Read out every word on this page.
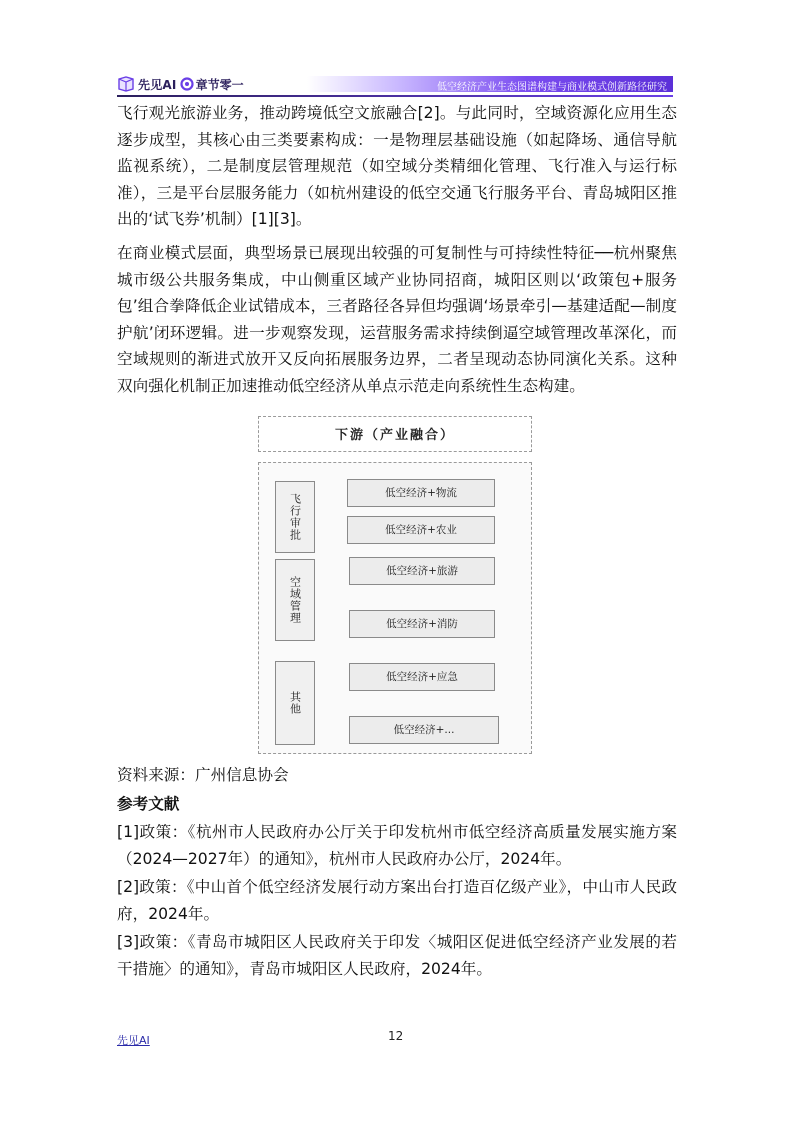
先见AI 章节零一	低空经济产业生态图谱构建与商业模式创新路径研究

飞行观光旅游业务，推动跨境低空文旅融合[2]。与此同时，空域资源化应用生态逐步成型，其核心由三类要素构成：一是物理层基础设施（如起降场、通信导航监视系统），二是制度层管理规范（如空域分类精细化管理、飞行准入与运行标准），三是平台层服务能力（如杭州建设的低空交通飞行服务平台、青岛城阳区推出的‘试飞券’机制）[1][3]。

在商业模式层面，典型场景已展现出较强的可复制性与可持续性特征──杭州聚焦城市级公共服务集成，中山侧重区域产业协同招商，城阳区则以‘政策包+服务包’组合拳降低企业试错成本，三者路径各异但均强调‘场景牵引—基建适配—制度护航’闭环逻辑。进一步观察发现，运营服务需求持续倒逼空域管理改革深化，而空域规则的渐进式放开又反向拓展服务边界，二者呈现动态协同演化关系。这种双向强化机制正加速推动低空经济从单点示范走向系统性生态构建。

下游（产业融合）
飞行审批
空域管理
其他
低空经济+物流
低空经济+农业
低空经济+旅游
低空经济+消防
低空经济+应急
低空经济+...
资料来源：广州信息协会
参考文献

[1]政策：《杭州市人民政府办公厅关于印发杭州市低空经济高质量发展实施方案（2024—2027年）的通知》，杭州市人民政府办公厅，2024年。

[2]政策：《中山首个低空经济发展行动方案出台打造百亿级产业》，中山市人民政府，2024年。

[3]政策：《青岛市城阳区人民政府关于印发〈城阳区促进低空经济产业发展的若干措施〉的通知》，青岛市城阳区人民政府，2024年。

先见AI	12
